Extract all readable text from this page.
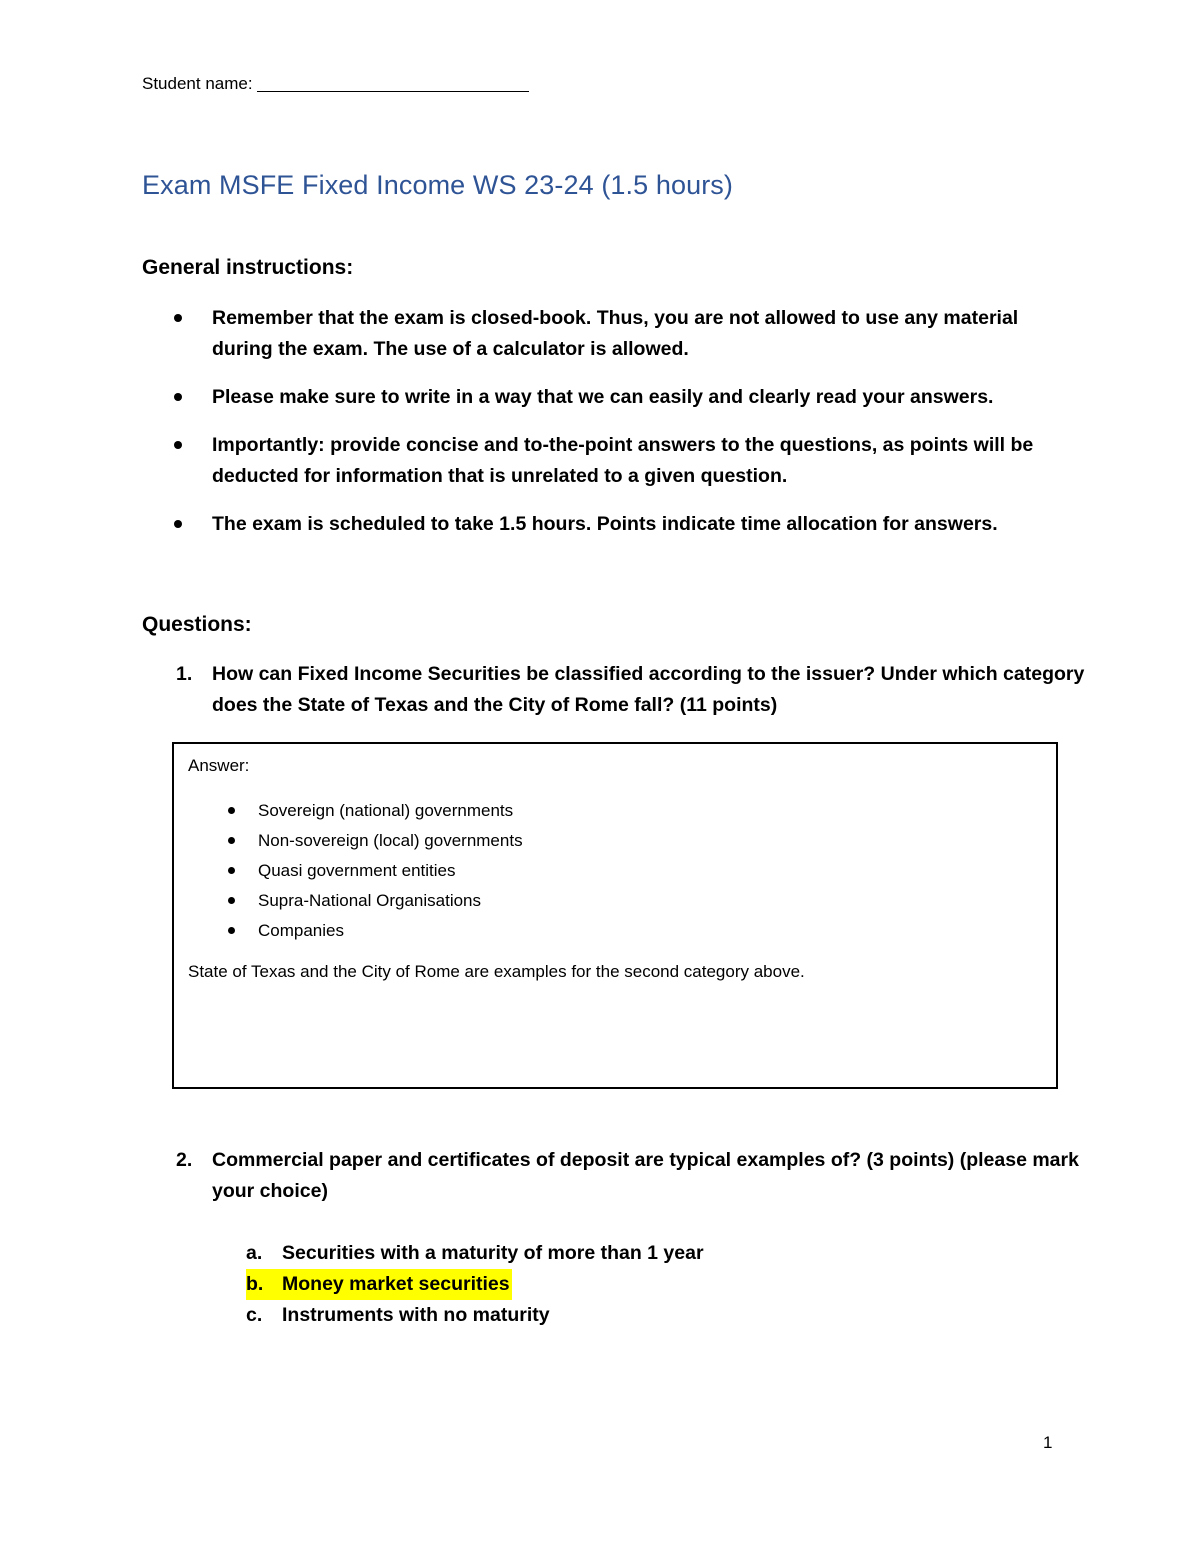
Student name:
Exam MSFE Fixed Income WS 23-24 (1.5 hours)
General instructions:
Remember that the exam is closed-book. Thus, you are not allowed to use any material during the exam. The use of a calculator is allowed.
Please make sure to write in a way that we can easily and clearly read your answers.
Importantly: provide concise and to-the-point answers to the questions, as points will be deducted for information that is unrelated to a given question.
The exam is scheduled to take 1.5 hours. Points indicate time allocation for answers.
Questions:
1. How can Fixed Income Securities be classified according to the issuer? Under which category does the State of Texas and the City of Rome fall? (11 points)
Answer:
Sovereign (national) governments
Non-sovereign (local) governments
Quasi government entities
Supra-National Organisations
Companies
State of Texas and the City of Rome are examples for the second category above.
2. Commercial paper and certificates of deposit are typical examples of? (3 points) (please mark your choice)
a. Securities with a maturity of more than 1 year
b. Money market securities
c. Instruments with no maturity
1
